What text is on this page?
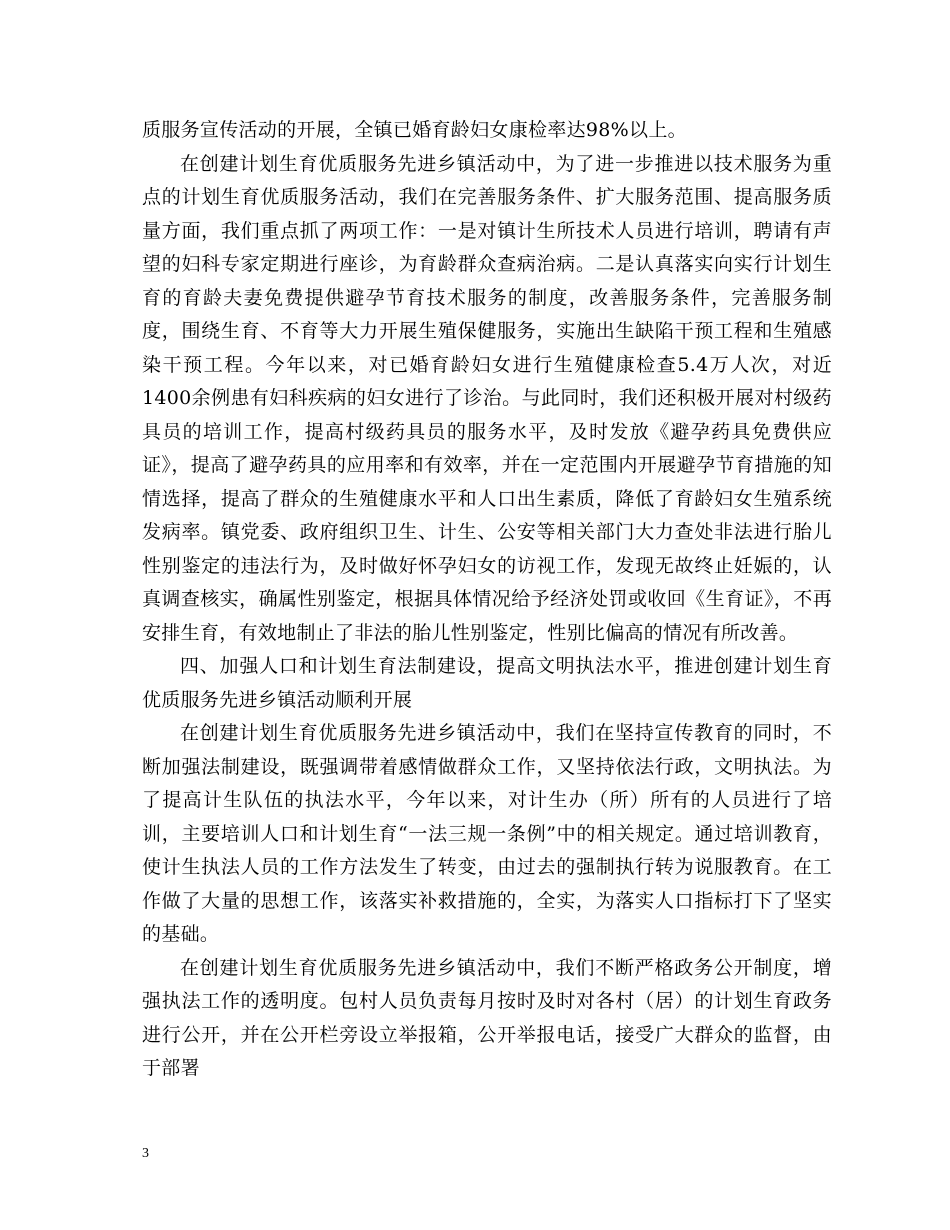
质服务宣传活动的开展，全镇已婚育龄妇女康检率达98%以上。

在创建计划生育优质服务先进乡镇活动中，为了进一步推进以技术服务为重点的计划生育优质服务活动，我们在完善服务条件、扩大服务范围、提高服务质量方面，我们重点抓了两项工作：一是对镇计生所技术人员进行培训，聘请有声望的妇科专家定期进行座诊，为育龄群众查病治病。二是认真落实向实行计划生育的育龄夫妻免费提供避孕节育技术服务的制度，改善服务条件，完善服务制度，围绕生育、不育等大力开展生殖保健服务，实施出生缺陷干预工程和生殖感染干预工程。今年以来，对已婚育龄妇女进行生殖健康检查5.4万人次，对近1400余例患有妇科疾病的妇女进行了诊治。与此同时，我们还积极开展对村级药具员的培训工作，提高村级药具员的服务水平，及时发放《避孕药具免费供应证》，提高了避孕药具的应用率和有效率，并在一定范围内开展避孕节育措施的知情选择，提高了群众的生殖健康水平和人口出生素质，降低了育龄妇女生殖系统发病率。镇党委、政府组织卫生、计生、公安等相关部门大力查处非法进行胎儿性别鉴定的违法行为，及时做好怀孕妇女的访视工作，发现无故终止妊娠的，认真调查核实，确属性别鉴定，根据具体情况给予经济处罚或收回《生育证》，不再安排生育，有效地制止了非法的胎儿性别鉴定，性别比偏高的情况有所改善。

四、加强人口和计划生育法制建设，提高文明执法水平，推进创建计划生育优质服务先进乡镇活动顺利开展

在创建计划生育优质服务先进乡镇活动中，我们在坚持宣传教育的同时，不断加强法制建设，既强调带着感情做群众工作，又坚持依法行政，文明执法。为了提高计生队伍的执法水平，今年以来，对计生办（所）所有的人员进行了培训，主要培训人口和计划生育“一法三规一条例”中的相关规定。通过培训教育，使计生执法人员的工作方法发生了转变，由过去的强制执行转为说服教育。在工作做了大量的思想工作，该落实补救措施的，全实，为落实人口指标打下了坚实的基础。

在创建计划生育优质服务先进乡镇活动中，我们不断严格政务公开制度，增强执法工作的透明度。包村人员负责每月按时及时对各村（居）的计划生育政务进行公开，并在公开栏旁设立举报箱，公开举报电话，接受广大群众的监督，由于部署

3
